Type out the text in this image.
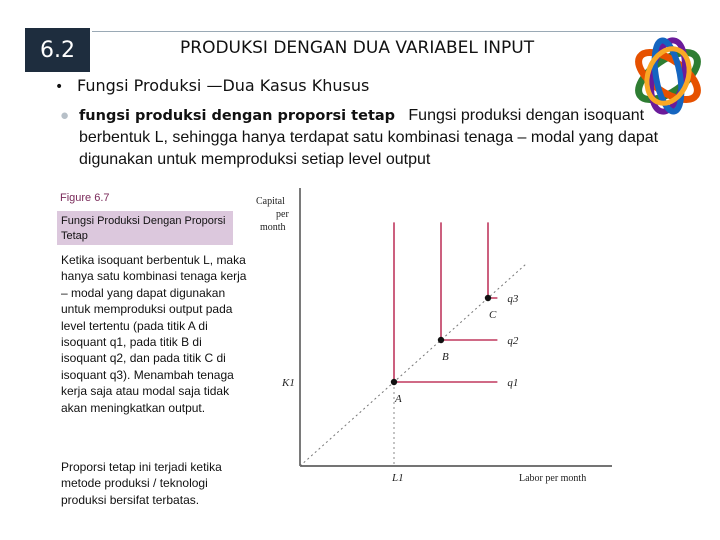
6.2	PRODUKSI DENGAN DUA VARIABEL INPUT
• Fungsi Produksi —Dua Kasus Khusus
● fungsi produksi dengan proporsi tetap Fungsi produksi dengan isoquant berbentuk L, sehingga hanya terdapat satu kombinasi tenaga – modal yang dapat digunakan untuk memproduksi setiap level output
Figure 6.7
Fungsi Produksi Dengan Proporsi Tetap
Ketika isoquant berbentuk L, maka hanya satu kombinasi tenaga kerja – modal yang dapat digunakan untuk memproduksi output pada level tertentu (pada titik A di isoquant q1, pada titik B di isoquant q2, dan pada titik C di isoquant q3). Menambah tenaga kerja saja atau modal saja tidak akan meningkatkan output.
Proporsi tetap ini terjadi ketika metode produksi / teknologi produksi bersifat terbatas.
Capital
per
month
Labor per month
L1
K1	q1
q2
q3
A
B
C
